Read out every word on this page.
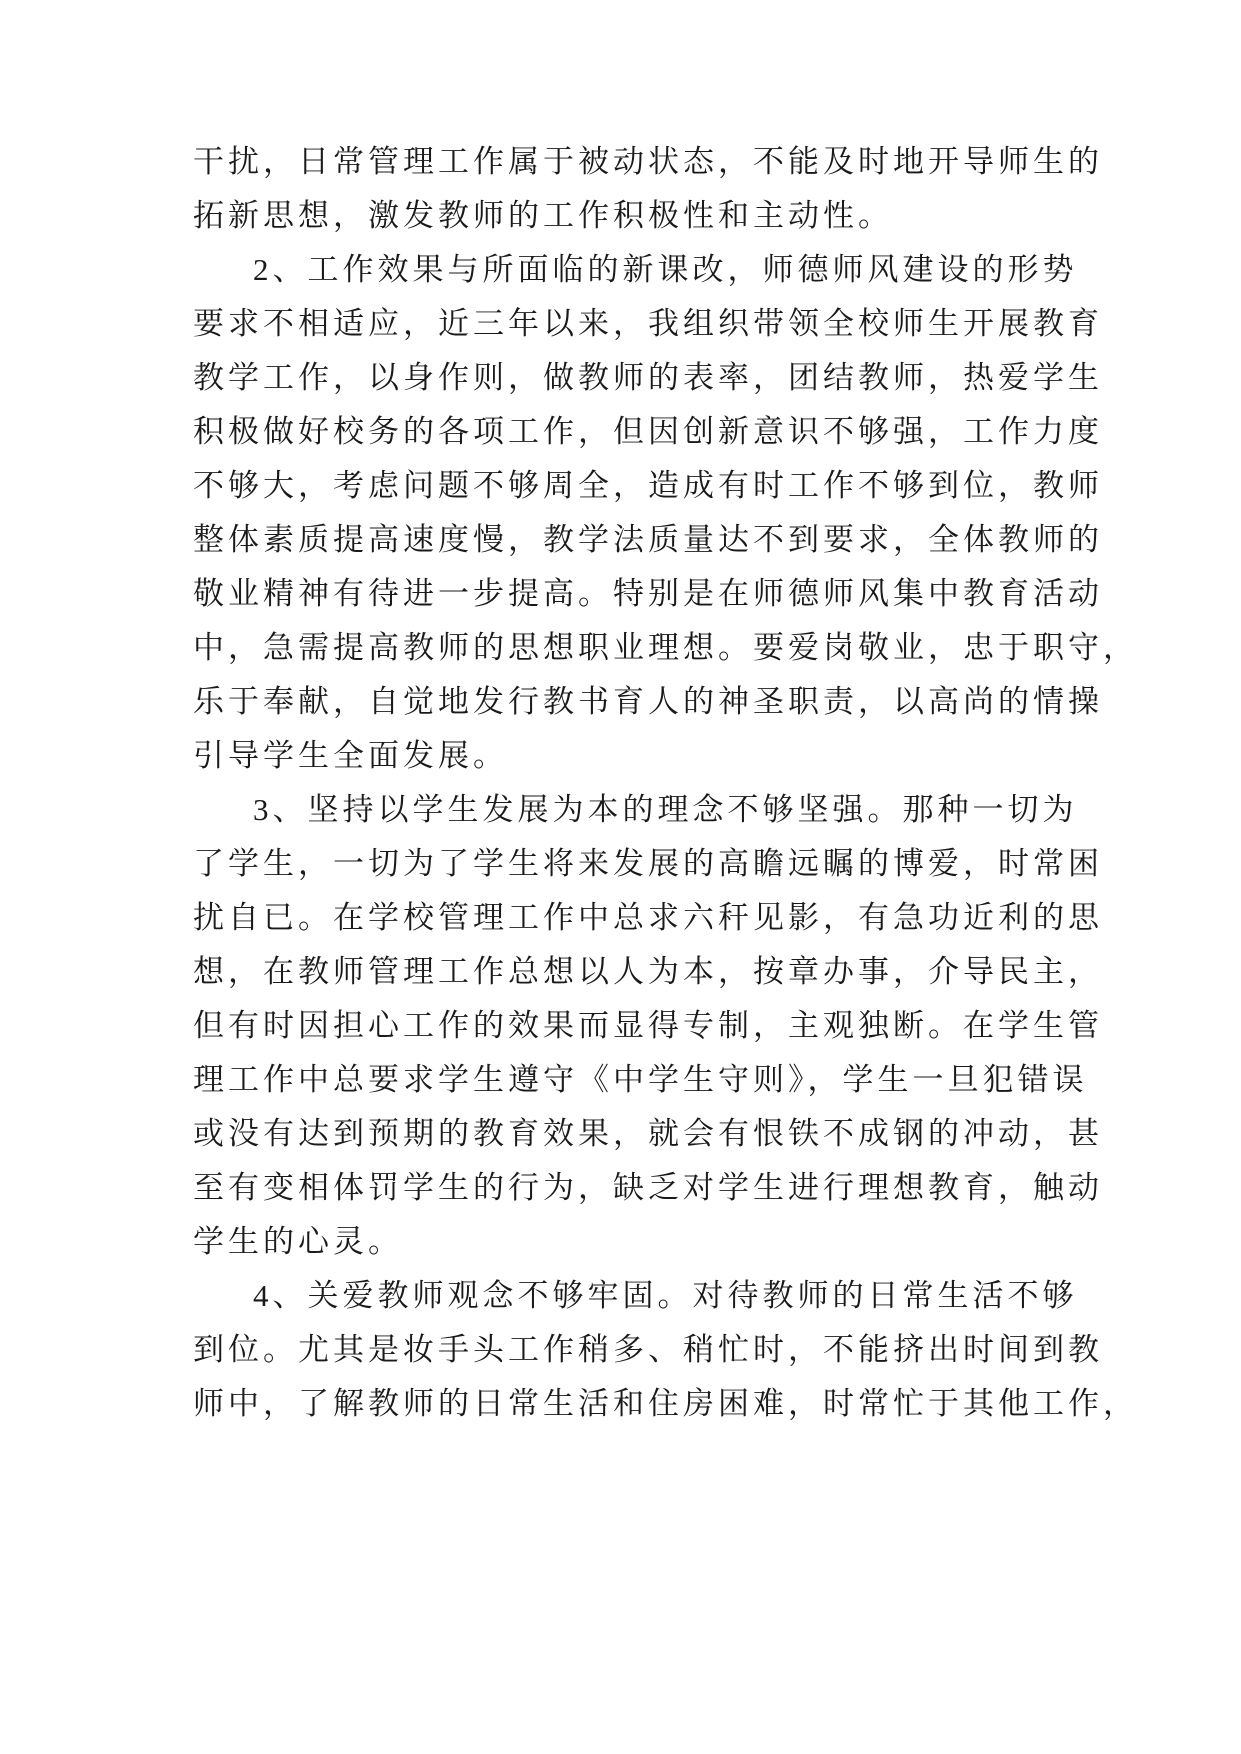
干扰，日常管理工作属于被动状态，不能及时地开导师生的
拓新思想，激发教师的工作积极性和主动性。
2、工作效果与所面临的新课改，师德师风建设的形势
要求不相适应，近三年以来，我组织带领全校师生开展教育
教学工作，以身作则，做教师的表率，团结教师，热爱学生
积极做好校务的各项工作，但因创新意识不够强，工作力度
不够大，考虑问题不够周全，造成有时工作不够到位，教师
整体素质提高速度慢，教学法质量达不到要求，全体教师的
敬业精神有待进一步提高。特别是在师德师风集中教育活动
中，急需提高教师的思想职业理想。要爱岗敬业，忠于职守，
乐于奉献，自觉地发行教书育人的神圣职责，以高尚的情操
引导学生全面发展。
3、坚持以学生发展为本的理念不够坚强。那种一切为
了学生，一切为了学生将来发展的高瞻远瞩的博爱，时常困
扰自已。在学校管理工作中总求六秆见影，有急功近利的思
想，在教师管理工作总想以人为本，按章办事，介导民主，
但有时因担心工作的效果而显得专制，主观独断。在学生管
理工作中总要求学生遵守《中学生守则》，学生一旦犯错误
或没有达到预期的教育效果，就会有恨铁不成钢的冲动，甚
至有变相体罚学生的行为，缺乏对学生进行理想教育，触动
学生的心灵。
4、关爱教师观念不够牢固。对待教师的日常生活不够
到位。尤其是妆手头工作稍多、稍忙时，不能挤出时间到教
师中，了解教师的日常生活和住房困难，时常忙于其他工作，
